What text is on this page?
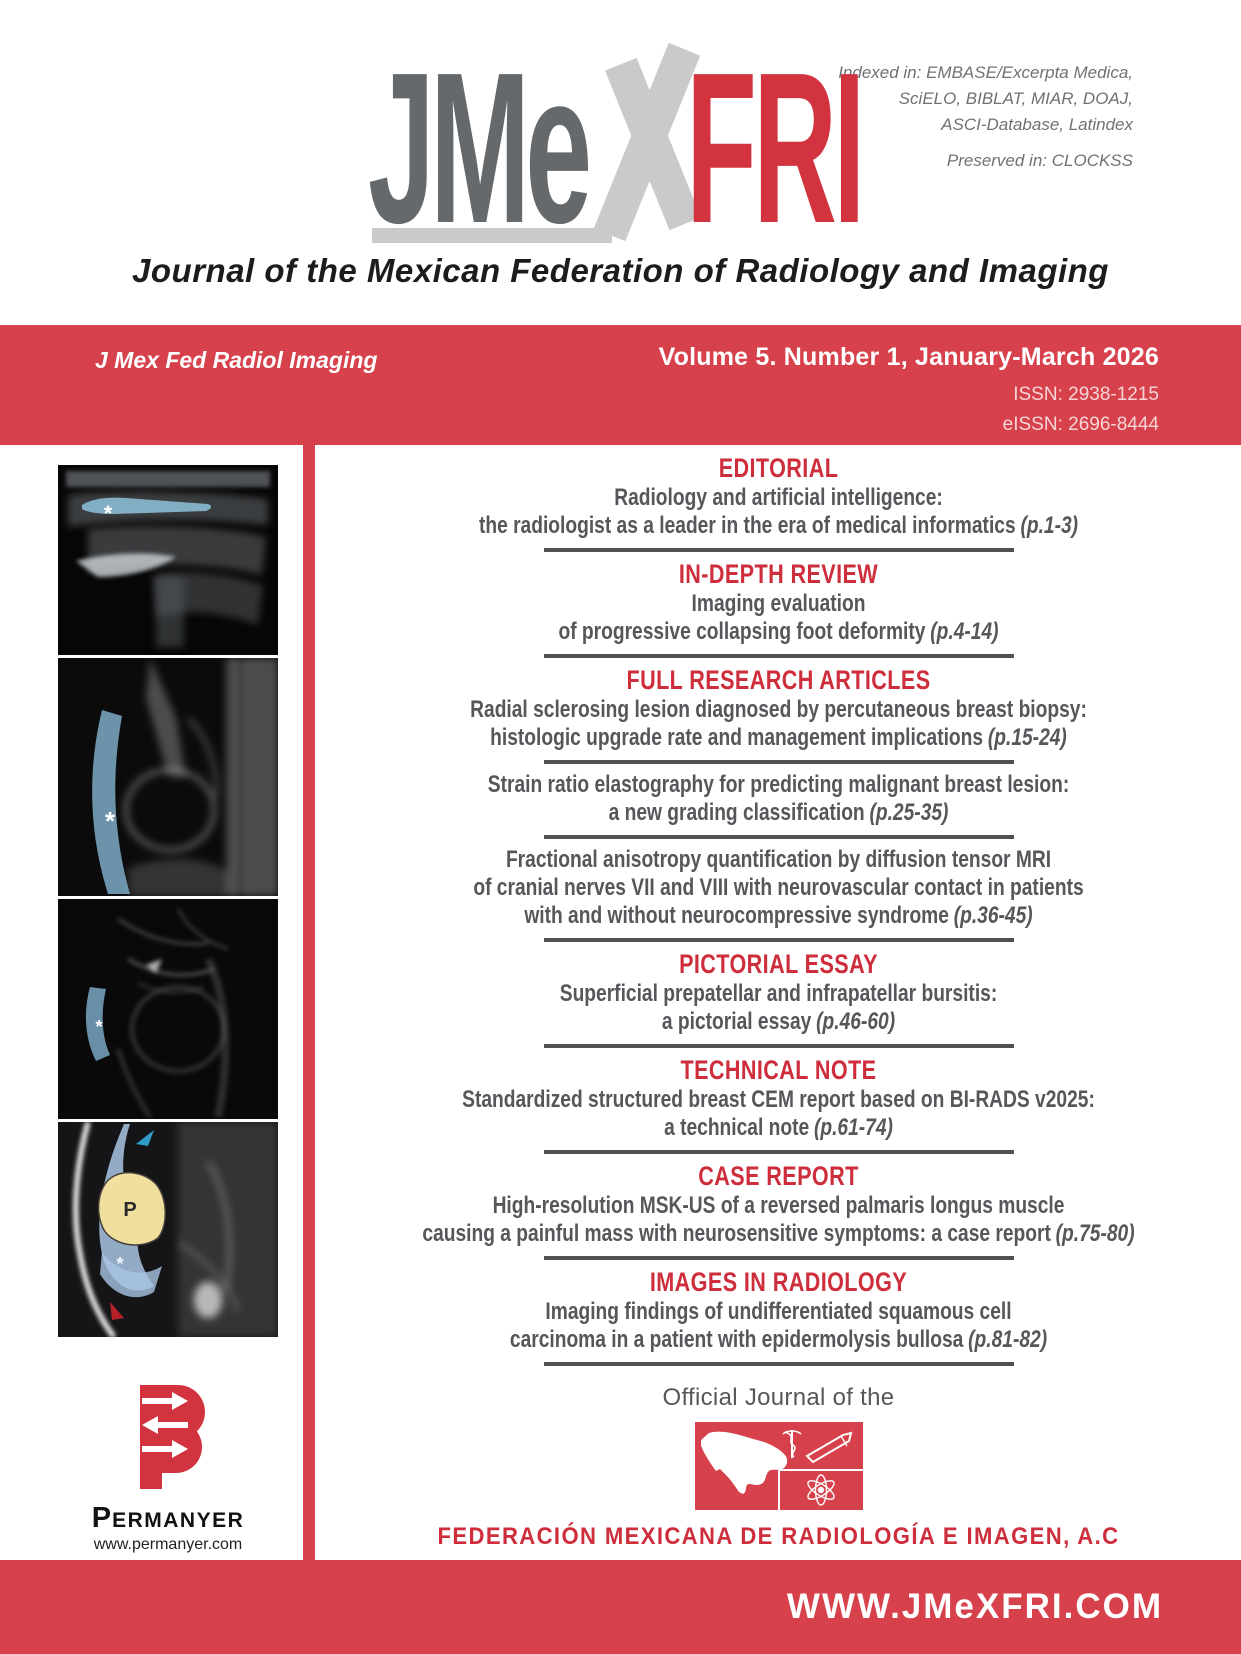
JMe FRI
Journal of the Mexican Federation of Radiology and Imaging
Indexed in: EMBASE/Excerpta Medica,
SciELO, BIBLAT, MIAR, DOAJ,
ASCI-Database, Latindex
Preserved in: CLOCKSS
J Mex Fed Radiol Imaging	Volume 5. Number 1, January-March 2026
ISSN: 2938-1215
eISSN: 2696-8444
*
*
*
P
*
PERMANYER
www.permanyer.com
EDITORIAL
Radiology and artificial intelligence:
the radiologist as a leader in the era of medical informatics (p.1-3)
IN-DEPTH REVIEW
Imaging evaluation
of progressive collapsing foot deformity (p.4-14)
FULL RESEARCH ARTICLES
Radial sclerosing lesion diagnosed by percutaneous breast biopsy:
histologic upgrade rate and management implications (p.15-24)
Strain ratio elastography for predicting malignant breast lesion:
a new grading classification (p.25-35)
Fractional anisotropy quantification by diffusion tensor MRI
of cranial nerves VII and VIII with neurovascular contact in patients
with and without neurocompressive syndrome (p.36-45)
PICTORIAL ESSAY
Superficial prepatellar and infrapatellar bursitis:
a pictorial essay (p.46-60)
TECHNICAL NOTE
Standardized structured breast CEM report based on BI-RADS v2025:
a technical note (p.61-74)
CASE REPORT
High-resolution MSK-US of a reversed palmaris longus muscle
causing a painful mass with neurosensitive symptoms: a case report (p.75-80)
IMAGES IN RADIOLOGY
Imaging findings of undifferentiated squamous cell
carcinoma in a patient with epidermolysis bullosa (p.81-82)
Official Journal of the
FEDERACIÓN MEXICANA DE RADIOLOGÍA E IMAGEN, A.C
WWW.JMeXFRI.COM
